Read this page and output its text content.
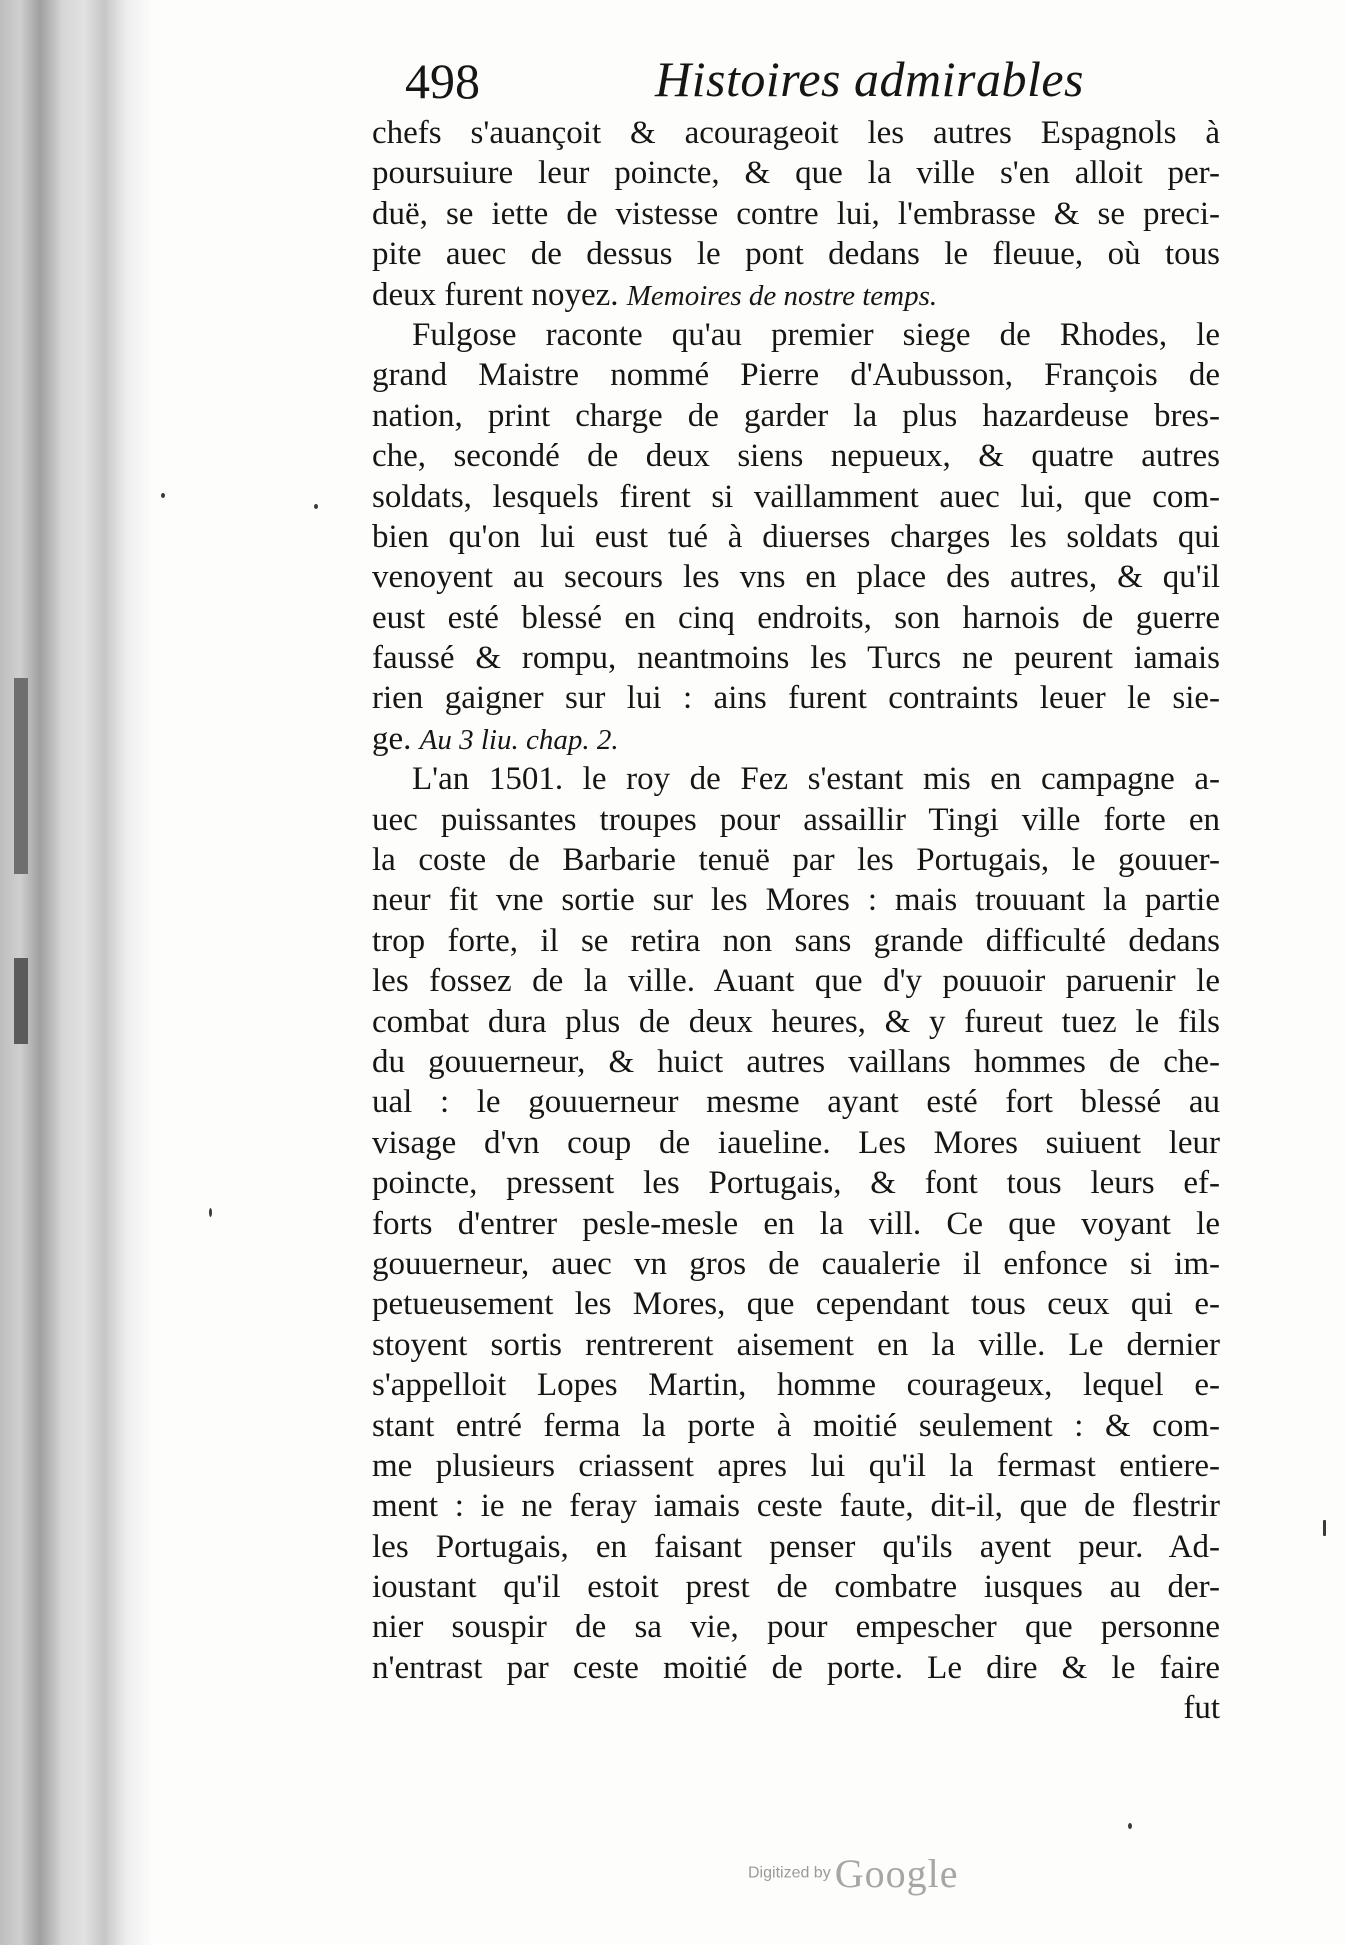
498	Histoires admirables
chefs s'auançoit & acourageoit les autres Espagnols à
poursuiure leur poincte, & que la ville s'en alloit per-
duë, se iette de vistesse contre lui, l'embrasse & se preci-
pite auec de dessus le pont dedans le fleuue, où tous
deux furent noyez. Memoires de nostre temps.
Fulgose raconte qu'au premier siege de Rhodes, le
grand Maistre nommé Pierre d'Aubusson, François de
nation, print charge de garder la plus hazardeuse bres-
che, secondé de deux siens nepueux, & quatre autres
soldats, lesquels firent si vaillamment auec lui, que com-
bien qu'on lui eust tué à diuerses charges les soldats qui
venoyent au secours les vns en place des autres, & qu'il
eust esté blessé en cinq endroits, son harnois de guerre
faussé & rompu, neantmoins les Turcs ne peurent iamais
rien gaigner sur lui : ains furent contraints leuer le sie-
ge. Au 3 liu. chap. 2.
L'an 1501. le roy de Fez s'estant mis en campagne a-
uec puissantes troupes pour assaillir Tingi ville forte en
la coste de Barbarie tenuë par les Portugais, le gouuer-
neur fit vne sortie sur les Mores : mais trouuant la partie
trop forte, il se retira non sans grande difficulté dedans
les fossez de la ville. Auant que d'y pouuoir paruenir le
combat dura plus de deux heures, & y fureut tuez le fils
du gouuerneur, & huict autres vaillans hommes de che-
ual : le gouuerneur mesme ayant esté fort blessé au
visage d'vn coup de iaueline. Les Mores suiuent leur
poincte, pressent les Portugais, & font tous leurs ef-
forts d'entrer pesle-mesle en la vill. Ce que voyant le
gouuerneur, auec vn gros de caualerie il enfonce si im-
petueusement les Mores, que cependant tous ceux qui e-
stoyent sortis rentrerent aisement en la ville. Le dernier
s'appelloit Lopes Martin, homme courageux, lequel e-
stant entré ferma la porte à moitié seulement : & com-
me plusieurs criassent apres lui qu'il la fermast entiere-
ment : ie ne feray iamais ceste faute, dit-il, que de flestrir
les Portugais, en faisant penser qu'ils ayent peur. Ad-
ioustant qu'il estoit prest de combatre iusques au der-
nier souspir de sa vie, pour empescher que personne
n'entrast par ceste moitié de porte. Le dire & le faire
fut
Digitized by Google
